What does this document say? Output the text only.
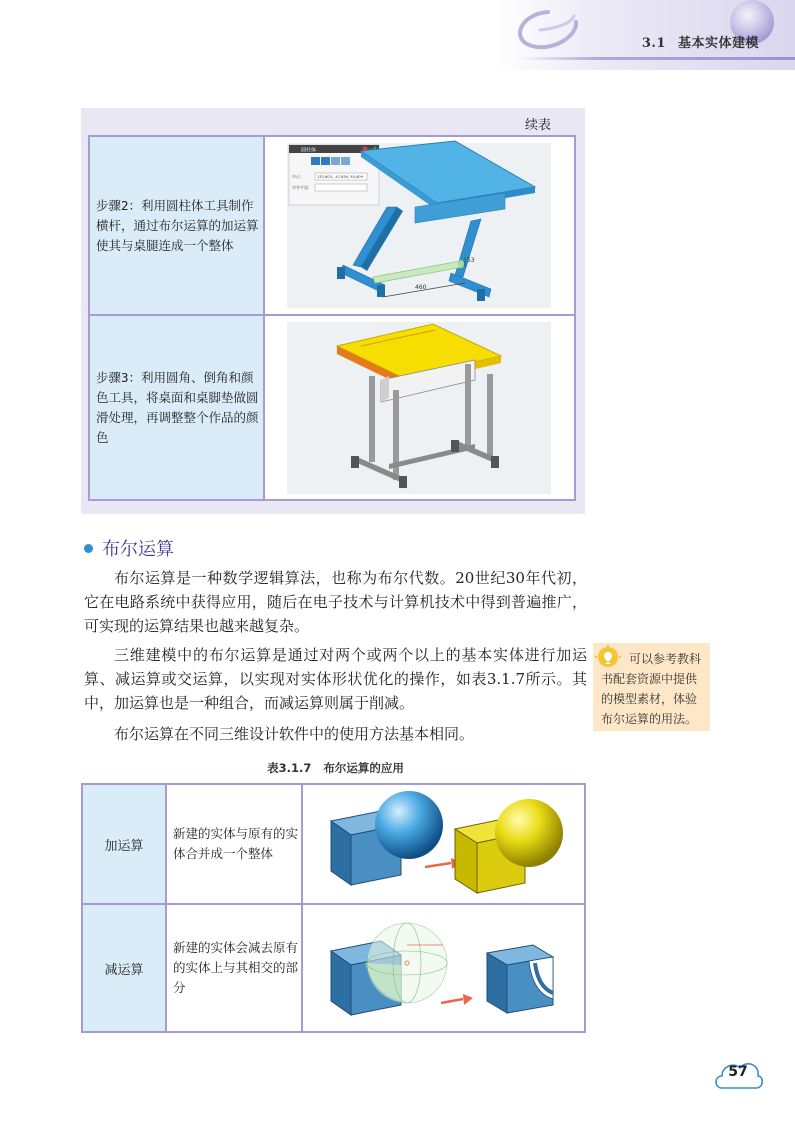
3.1 基本实体建模
续表

步骤2：利用圆柱体工具制作横杆，通过布尔运算的加运算使其与桌腿连成一个整体

圆柱体
中心:	132.603, -47.854, 93.409
对齐平面:
460
53

步骤3：利用圆角、倒角和颜色工具，将桌面和桌脚垫做圆滑处理，再调整整个作品的颜色

布尔运算

布尔运算是一种数学逻辑算法，也称为布尔代数。20世纪30年代初，它在电路系统中获得应用，随后在电子技术与计算机技术中得到普遍推广，可实现的运算结果也越来越复杂。

三维建模中的布尔运算是通过对两个或两个以上的基本实体进行加运算、减运算或交运算，以实现对实体形状优化的操作，如表3.1.7所示。其中，加运算也是一种组合，而减运算则属于削减。

布尔运算在不同三维设计软件中的使用方法基本相同。

可以参考教科书配套资源中提供的模型素材，体验布尔运算的用法。

表3.1.7 布尔运算的应用
加运算

新建的实体与原有的实体合并成一个整体

减运算

新建的实体会减去原有的实体上与其相交的部分

57
